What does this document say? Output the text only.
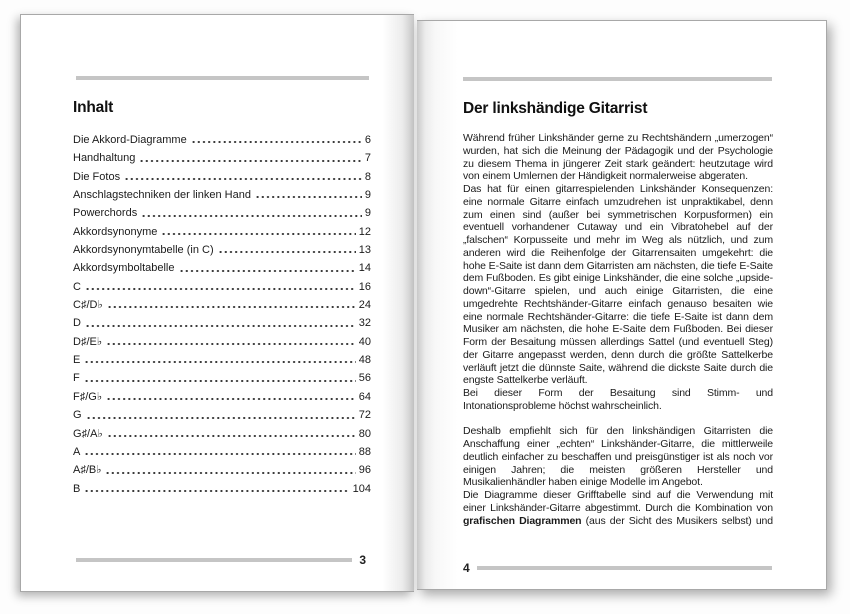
Inhalt
Die Akkord-Diagramme	6
Handhaltung	7
Die Fotos	8
Anschlagstechniken der linken Hand	9
Powerchords	9
Akkordsynonyme	12
Akkordsynonymtabelle (in C)	13
Akkordsymboltabelle	14
C	16
C♯/D♭	24
D	32
D♯/E♭	40
E	48
F	56
F♯/G♭	64
G	72
G♯/A♭	80
A	88
A♯/B♭	96
B	104
3
Der linkshändige Gitarrist

Während früher Linkshänder gerne zu Rechtshändern „umerzogen“ wurden, hat sich die Meinung der Pädagogik und der Psychologie zu diesem Thema in jüngerer Zeit stark geändert: heutzutage wird von einem Umlernen der Händigkeit normalerweise abgeraten.

Das hat für einen gitarrespielenden Linkshänder Konsequenzen: eine normale Gitarre einfach umzudrehen ist unpraktikabel, denn zum einen sind (außer bei symmetrischen Korpusformen) ein eventuell vorhandener Cutaway und ein Vibratohebel auf der „falschen“ Korpusseite und mehr im Weg als nützlich, und zum anderen wird die Reihenfolge der Gitarrensaiten umgekehrt: die hohe E-Saite ist dann dem Gitarristen am nächsten, die tiefe E-Saite dem Fußboden. Es gibt einige Linkshänder, die eine solche „upside-down“-Gitarre spielen, und auch einige Gitarristen, die eine umgedrehte Rechtshänder-Gitarre einfach genauso besaiten wie eine normale Rechtshänder-Gitarre: die tiefe E-Saite ist dann dem Musiker am nächsten, die hohe E-Saite dem Fußboden. Bei dieser Form der Besaitung müssen allerdings Sattel (und eventuell Steg) der Gitarre angepasst werden, denn durch die größte Sattelkerbe verläuft jetzt die dünnste Saite, während die dickste Saite durch die engste Sattelkerbe verläuft.

Bei dieser Form der Besaitung sind Stimm- und Intonationsprobleme höchst wahrscheinlich.

Deshalb empfiehlt sich für den linkshändigen Gitarristen die Anschaffung einer „echten“ Linkshänder-Gitarre, die mittlerweile deutlich einfacher zu beschaffen und preisgünstiger ist als noch vor einigen Jahren; die meisten größeren Hersteller und Musikalienhändler haben einige Modelle im Angebot.

Die Diagramme dieser Grifftabelle sind auf die Verwendung mit einer Linkshänder-Gitarre abgestimmt. Durch die Kombination von grafischen Diagrammen (aus der Sicht des Musikers selbst) und

4
